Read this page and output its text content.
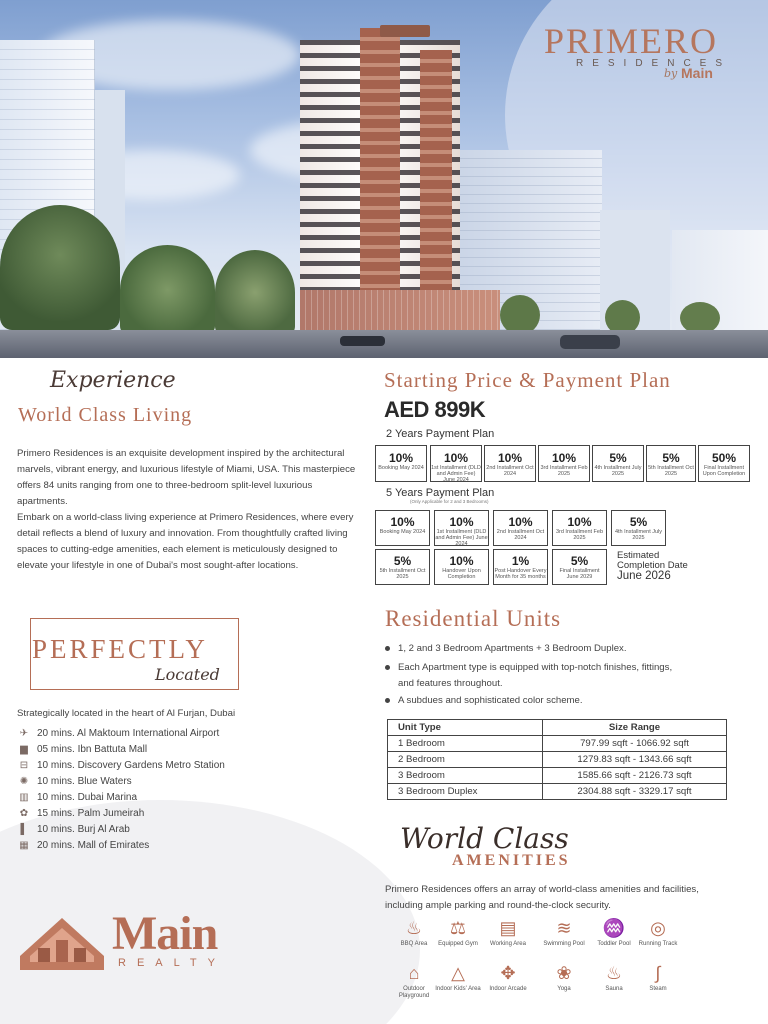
PRIMERO
RESIDENCES
by Main
Experience
World Class Living
Primero Residences is an exquisite development inspired by the architectural marvels, vibrant energy, and luxurious lifestyle of Miami, USA. This masterpiece offers 84 units ranging from one to three-bedroom split-level luxurious apartments.
Embark on a world-class living experience at Primero Residences, where every detail reflects a blend of luxury and innovation. From thoughtfully crafted living spaces to cutting-edge amenities, each element is meticulously designed to elevate your lifestyle in one of Dubai's most sought-after locations.
Starting Price & Payment Plan
AED 899K
2 Years Payment Plan
10%
Booking May 2024
10%
1st Installment (DLD and Admin Fee) June 2024
10%
2nd Installment Oct 2024
10%
3rd Installment Feb 2025
5%
4th Installment July 2025
5%
5th Installment Oct 2025
50%
Final Installment Upon Completion
5 Years Payment Plan
(Only Applicable for 2 and 3 Bedrooms)
10%
Booking May 2024
10%
1st Installment (DLD and Admin Fee) June 2024
10%
2nd Installment Oct 2024
10%
3rd Installment Feb 2025
5%
4th Installment July 2025
5%
5th Installment Oct 2025
10%
Handover Upon Completion
1%
Post Handover Every Month for 35 months
5%
Final Installment June 2029
Estimated Completion Date
June 2026
PERFECTLY
Located
Strategically located in the heart of Al Furjan, Dubai
✈ 20 mins. Al Maktoum International Airport
▆ 05 mins. Ibn Battuta Mall
⊟ 10 mins. Discovery Gardens Metro Station
✺ 10 mins. Blue Waters
▥ 10 mins. Dubai Marina
✿ 15 mins. Palm Jumeirah
▌ 10 mins. Burj Al Arab
▦ 20 mins. Mall of Emirates
Residential Units
1, 2 and 3 Bedroom Apartments + 3 Bedroom Duplex.
Each Apartment type is equipped with top-notch finishes, fittings,
and features throughout.
A subdues and sophisticated color scheme.
Unit Type	Size Range
1 Bedroom	797.99 sqft - 1066.92 sqft
2 Bedroom	1279.83 sqft - 1343.66 sqft
3 Bedroom	1585.66 sqft - 2126.73 sqft
3 Bedroom Duplex	2304.88 sqft - 3329.17 sqft
World Class
AMENITIES
Primero Residences offers an array of world-class amenities and facilities, including ample parking and round-the-clock security.
♨
BBQ Area
⚖
Equipped Gym
▤
Working Area
≋
Swimming Pool
♒
Toddler Pool
◎
Running Track
⌂
Outdoor Playground
△
Indoor Kids' Area
✥
Indoor Arcade
❀
Yoga
♨
Sauna
∫
Steam
Main
REALTY
